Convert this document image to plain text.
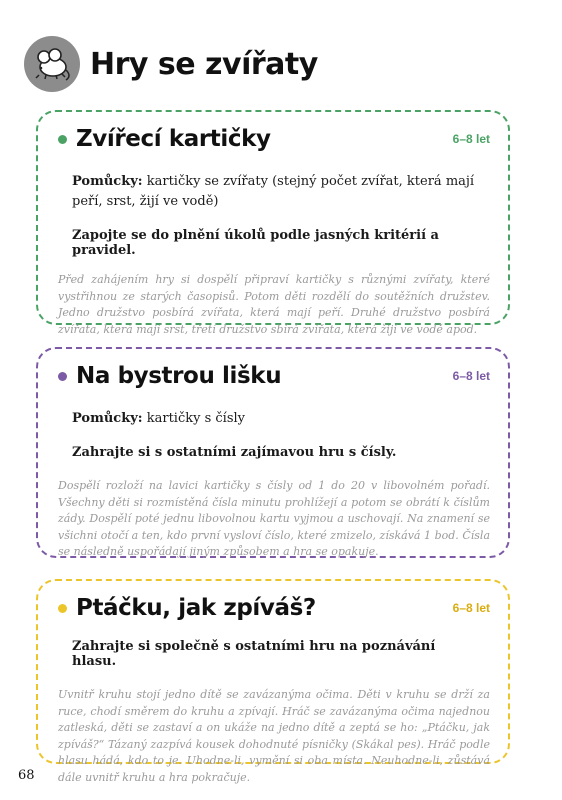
Hry se zvířaty
Zvířecí kartičky	6–8 let
Pomůcky: kartičky se zvířaty (stejný počet zvířat, která mají peří, srst, žijí ve vodě)
Zapojte se do plnění úkolů podle jasných kritérií a pravidel.
Před zahájením hry si dospělí připraví kartičky s různými zvířaty, které vystřihnou ze starých časopisů. Potom děti rozdělí do soutěžních družstev. Jedno družstvo posbírá zvířata, která mají peří. Druhé družstvo posbírá zvířata, která mají srst, třetí družstvo sbírá zvířata, která žijí ve vodě apod.
Na bystrou lišku	6–8 let
Pomůcky: kartičky s čísly
Zahrajte si s ostatními zajímavou hru s čísly.
Dospělí rozloží na lavici kartičky s čísly od 1 do 20 v libovolném pořadí. Všechny děti si rozmístěná čísla minutu prohlížejí a potom se obrátí k číslům zády. Dospělí poté jednu libovolnou kartu vyjmou a uschovají. Na znamení se všichni otočí a ten, kdo první vysloví číslo, které zmizelo, získává 1 bod. Čísla se následně uspořádají jiným způsobem a hra se opakuje.
Ptáčku, jak zpíváš?	6–8 let
Zahrajte si společně s ostatními hru na poznávání hlasu.
Uvnitř kruhu stojí jedno dítě se zavázanýma očima. Děti v kruhu se drží za ruce, chodí směrem do kruhu a zpívají. Hráč se zavázanýma očima najednou zatleská, děti se zastaví a on ukáže na jedno dítě a zeptá se ho: „Ptáčku, jak zpíváš?“ Tázaný zazpívá kousek dohodnuté písničky (Skákal pes). Hráč podle hlasu hádá, kdo to je. Uhodne-li, vymění si oba místa. Neuhodne-li, zůstává dále uvnitř kruhu a hra pokračuje.
68
